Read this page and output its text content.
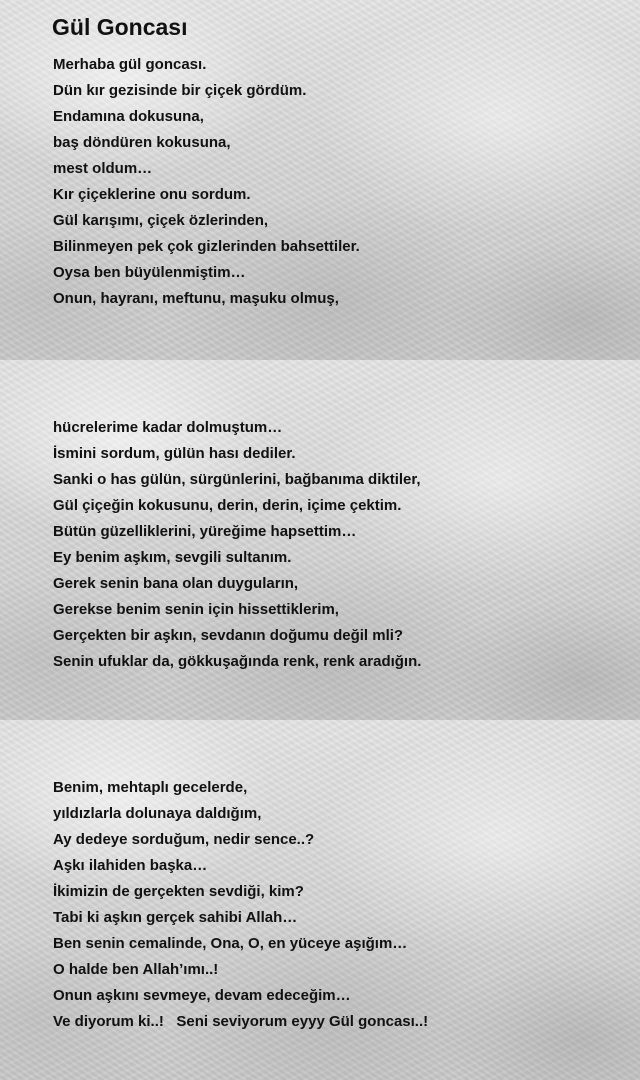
Gül Goncası
Merhaba gül goncası.
Dün kır gezisinde bir çiçek gördüm.
Endamına dokusuna,
baş döndüren kokusuna,
mest oldum…
Kır çiçeklerine onu sordum.
Gül karışımı, çiçek özlerinden,
Bilinmeyen pek çok gizlerinden bahsettiler.
Oysa ben büyülenmiştim…
Onun, hayranı, meftunu, maşuku olmuş,
hücrelerime kadar dolmuştum…
İsmini sordum, gülün hası dediler.
Sanki o has gülün, sürgünlerini, bağbanıma diktiler,
Gül çiçeğin kokusunu, derin, derin, içime çektim.
Bütün güzelliklerini, yüreğime hapsettim…
Ey benim aşkım, sevgili sultanım.
Gerek senin bana olan duyguların,
Gerekse benim senin için hissettiklerim,
Gerçekten bir aşkın, sevdanın doğumu değil mli?
Senin ufuklar da, gökkuşağında renk, renk aradığın.
Benim, mehtaplı gecelerde,
yıldızlarla dolunaya daldığım,
Ay dedeye sorduğum, nedir sence..?
Aşkı ilahiden başka…
İkimizin de gerçekten sevdiği, kim?
Tabi ki aşkın gerçek sahibi Allah…
Ben senin cemalinde, Ona, O, en yüceye aşığım…
O halde ben Allah’ımı..!
Onun aşkını sevmeye, devam edeceğim…
Ve diyorum ki..!   Seni seviyorum eyyy Gül goncası..!
